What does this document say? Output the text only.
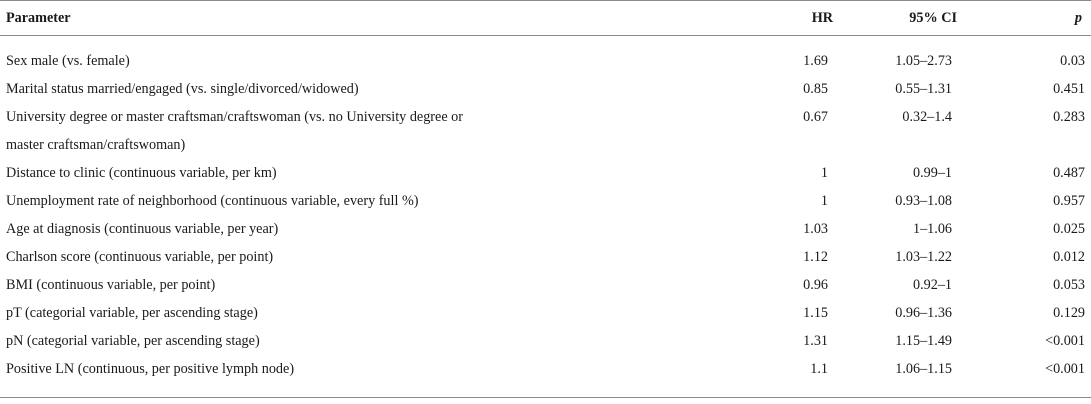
Parameter	HR	95% CI	p
Sex male (vs. female)	1.69	1.05–2.73	0.03
Marital status married/engaged (vs. single/divorced/widowed)	0.85	0.55–1.31	0.451

University degree or master craftsman/craftswoman (vs. no University degree or
master craftsman/craftswoman)	0.67	0.32–1.4	0.283
Distance to clinic (continuous variable, per km)	1	0.99–1	0.487
Unemployment rate of neighborhood (continuous variable, every full %)	1	0.93–1.08	0.957
Age at diagnosis (continuous variable, per year)	1.03	1–1.06	0.025
Charlson score (continuous variable, per point)	1.12	1.03–1.22	0.012
BMI (continuous variable, per point)	0.96	0.92–1	0.053
pT (categorial variable, per ascending stage)	1.15	0.96–1.36	0.129
pN (categorial variable, per ascending stage)	1.31	1.15–1.49	<0.001
Positive LN (continuous, per positive lymph node)	1.1	1.06–1.15	<0.001
